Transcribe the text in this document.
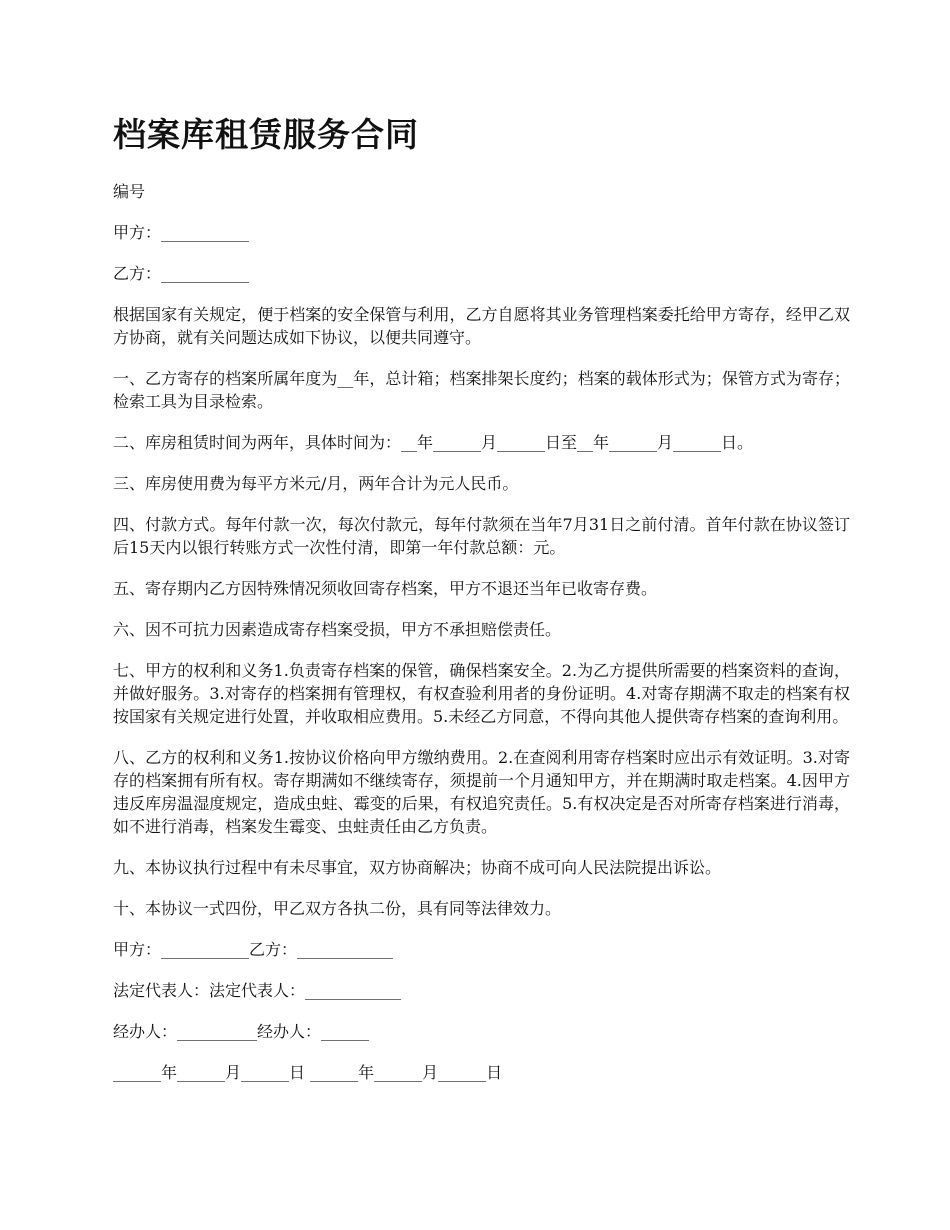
档案库租赁服务合同

编号

甲方：___________

乙方：___________

根据国家有关规定，便于档案的安全保管与利用，乙方自愿将其业务管理档案委托给甲方寄存，经甲乙双方协商，就有关问题达成如下协议，以便共同遵守。

一、乙方寄存的档案所属年度为__年，总计箱；档案排架长度约；档案的载体形式为；保管方式为寄存；检索工具为目录检索。

二、库房租赁时间为两年，具体时间为：__年______月______日至__年______月______日。

三、库房使用费为每平方米元/月，两年合计为元人民币。

四、付款方式。每年付款一次，每次付款元，每年付款须在当年7月31日之前付清。首年付款在协议签订后15天内以银行转账方式一次性付清，即第一年付款总额：元。

五、寄存期内乙方因特殊情况须收回寄存档案，甲方不退还当年已收寄存费。

六、因不可抗力因素造成寄存档案受损，甲方不承担赔偿责任。

七、甲方的权利和义务1.负责寄存档案的保管，确保档案安全。2.为乙方提供所需要的档案资料的查询，并做好服务。3.对寄存的档案拥有管理权，有权查验利用者的身份证明。4.对寄存期满不取走的档案有权按国家有关规定进行处置，并收取相应费用。5.未经乙方同意，不得向其他人提供寄存档案的查询利用。

八、乙方的权利和义务1.按协议价格向甲方缴纳费用。2.在查阅利用寄存档案时应出示有效证明。3.对寄存的档案拥有所有权。寄存期满如不继续寄存，须提前一个月通知甲方，并在期满时取走档案。4.因甲方违反库房温湿度规定，造成虫蛀、霉变的后果，有权追究责任。5.有权决定是否对所寄存档案进行消毒，如不进行消毒，档案发生霉变、虫蛀责任由乙方负责。

九、本协议执行过程中有未尽事宜，双方协商解决；协商不成可向人民法院提出诉讼。

十、本协议一式四份，甲乙双方各执二份，具有同等法律效力。

甲方：___________乙方：____________

法定代表人：法定代表人：____________

经办人：__________经办人：______

______年______月______日 ______年______月______日
